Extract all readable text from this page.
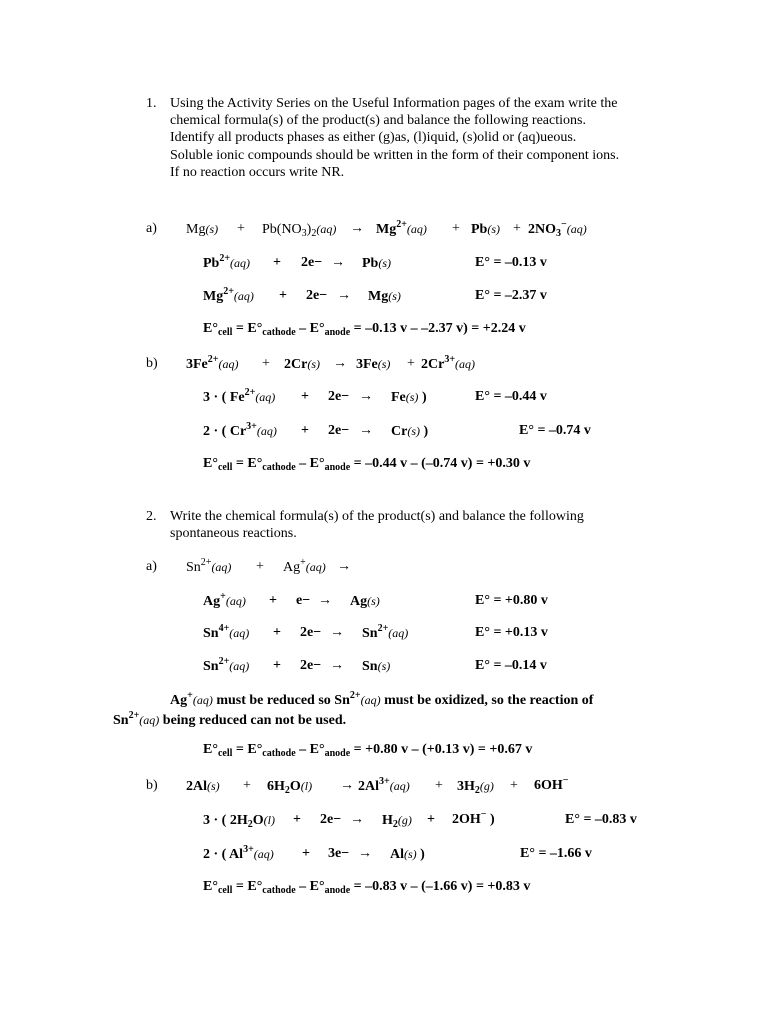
1. Using the Activity Series on the Useful Information pages of the exam write the
chemical formula(s) of the product(s) and balance the following reactions.
Identify all products phases as either (g)as, (l)iquid, (s)olid or (aq)ueous.
Soluble ionic compounds should be written in the form of their component ions.
If no reaction occurs write NR.
a) $Mg(s) + Pb(NO_3)_2(aq) \to Mg^{2+}(aq) + Pb(s) + 2NO_3^-(aq)$
$Pb^{2+}(aq) + 2e- \to Pb(s)$	E° = –0.13 v
$Mg^{2+}(aq) + 2e- \to Mg(s)$	E° = –2.37 v
$E^\circ_{cell} = E^\circ_{cathode} - E^\circ_{anode} = -0.13$ v – –2.37 v) = +2.24 v
b) $3Fe^{2+}(aq) + 2Cr(s) \to 3Fe(s) + 2Cr^{3+}(aq)$
3 · ( $Fe^{2+}(aq) + 2e- \to Fe(s)$ )	E° = –0.44 v
2 · ( $Cr^{3+}(aq) + 2e- \to Cr(s)$ )	E° = –0.74 v
$E^\circ_{cell} = E^\circ_{cathode} - E^\circ_{anode} = -0.44$ v – (–0.74 v) = +0.30 v
2. Write the chemical formula(s) of the product(s) and balance the following
spontaneous reactions.
a) $Sn^{2+}(aq) + Ag^+(aq)$ →
Ag+(aq) + e− → Ag(s)	E° = +0.80 v
$Sn^{4+}(aq) + 2e- \to Sn^{2+}(aq)$	E° = +0.13 v
$Sn^{2+}(aq) + 2e- \to Sn(s)$	E° = –0.14 v
Ag+(aq) must be reduced so $Sn^{2+}(aq)$ must be oxidized, so the reaction of
$Sn^{2+}(aq)$ being reduced can not be used.
$E^\circ_{cell} = E^\circ_{cathode} - E^\circ_{anode} = +0.80$ v – (+0.13 v) = +0.67 v
b) $2Al(s) + 6H_2O(l) \to 2Al^{3+}(aq) + 3H_2(g) + 6OH^-$
3 · ( $2H_2O(l) + 2e- \to H_2(g) + 2OH^-$ )	E° = –0.83 v
2 · ( $Al^{3+}(aq) + 3e- \to Al(s)$ )	E° = –1.66 v
$E^\circ_{cell} = E^\circ_{cathode} - E^\circ_{anode} = -0.83$ v – (–1.66 v) = +0.83 v
